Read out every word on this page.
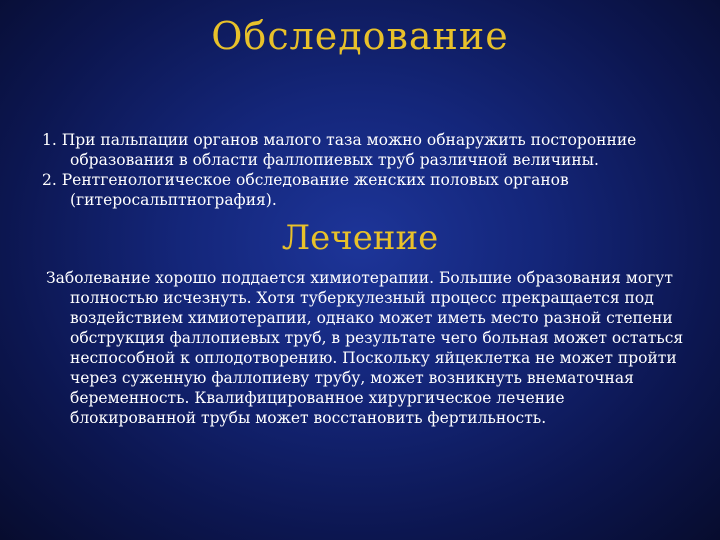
Обследование

1. При пальпации органов малого таза можно обнаружить посторонние образования в области фаллопиевых труб различной величины.

2. Рентгенологическое обследование женских половых органов (гитеросальптнография).

Лечение

Заболевание хорошо поддается химиотерапии. Большие образования могут полностью исчезнуть. Хотя туберкулезный процесс прекращается под воздействием химиотерапии, однако может иметь место разной степени обструкция фаллопиевых труб, в результате чего больная может остаться неспособной к оплодотворению. Поскольку яйцеклетка не может пройти через суженную фаллопиеву трубу, может возникнуть внематочная беременность. Квалифицированное хирургическое лечение блокированной трубы может восстановить фертильность.
